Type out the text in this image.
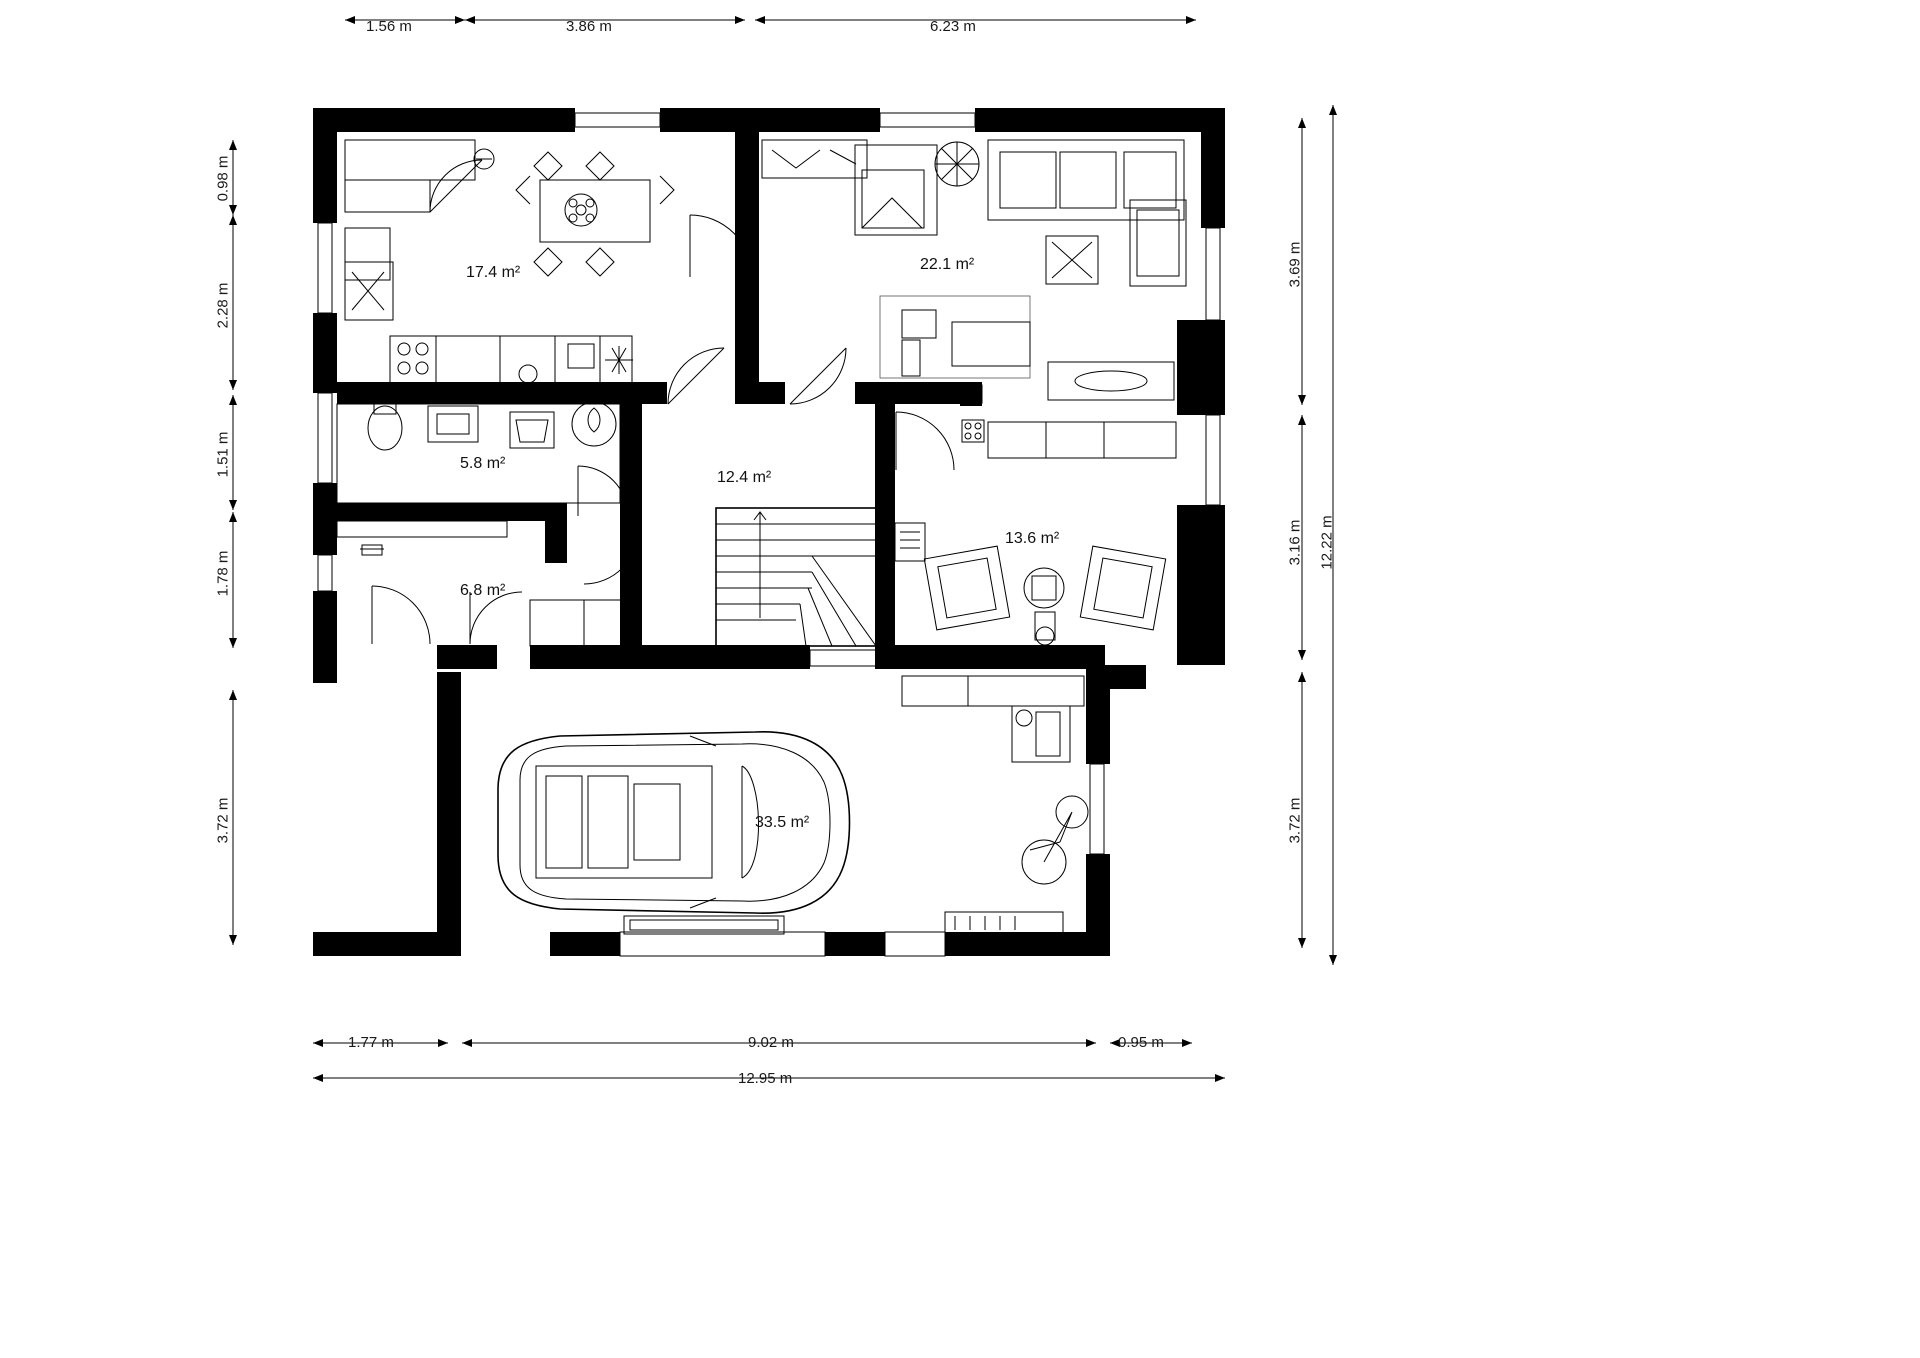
1.56 m	3.86 m	6.23 m
0.98 m
2.28 m
1.51 m
1.78 m
3.72 m
3.69 m
3.16 m
3.72 m
12.22 m
1.77 m	9.02 m	0.95 m
12.95 m
17.4 m²	22.1 m²
5.8 m²
12.4 m²
6.8 m²
13.6 m²
33.5 m²
